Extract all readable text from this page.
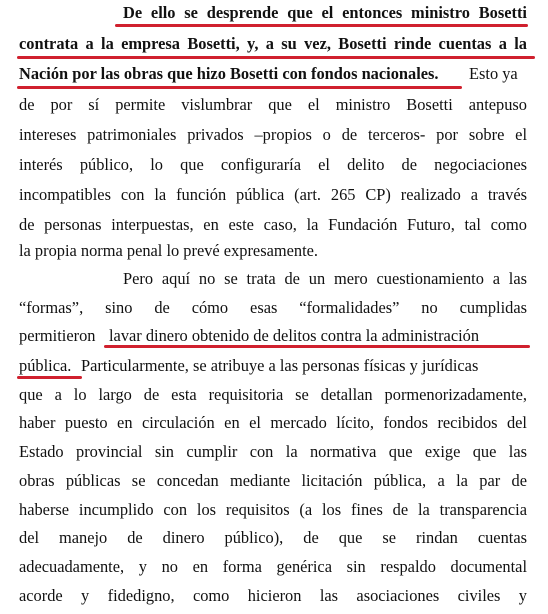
De ello se desprende que el entonces ministro Bosetti
contrata a la empresa Bosetti, y, a su vez, Bosetti rinde cuentas a la
Nación por las obras que hizo Bosetti con fondos nacionales. Esto ya
de por sí permite vislumbrar que el ministro Bosetti antepuso
intereses patrimoniales privados –propios o de terceros- por sobre el
interés público, lo que configuraría el delito de negociaciones
incompatibles con la función pública (art. 265 CP) realizado a través
de personas interpuestas, en este caso, la Fundación Futuro, tal como
la propia norma penal lo prevé expresamente.
Pero aquí no se trata de un mero cuestionamiento a las
“formas”, sino de cómo esas “formalidades” no cumplidas
permitieron lavar dinero obtenido de delitos contra la administración
pública. Particularmente, se atribuye a las personas físicas y jurídicas
que a lo largo de esta requisitoria se detallan pormenorizadamente,
haber puesto en circulación en el mercado lícito, fondos recibidos del
Estado provincial sin cumplir con la normativa que exige que las
obras públicas se concedan mediante licitación pública, a la par de
haberse incumplido con los requisitos (a los fines de la transparencia
del manejo de dinero público), de que se rindan cuentas
adecuadamente, y no en forma genérica sin respaldo documental
acorde y fidedigno, como hicieron las asociaciones civiles y
